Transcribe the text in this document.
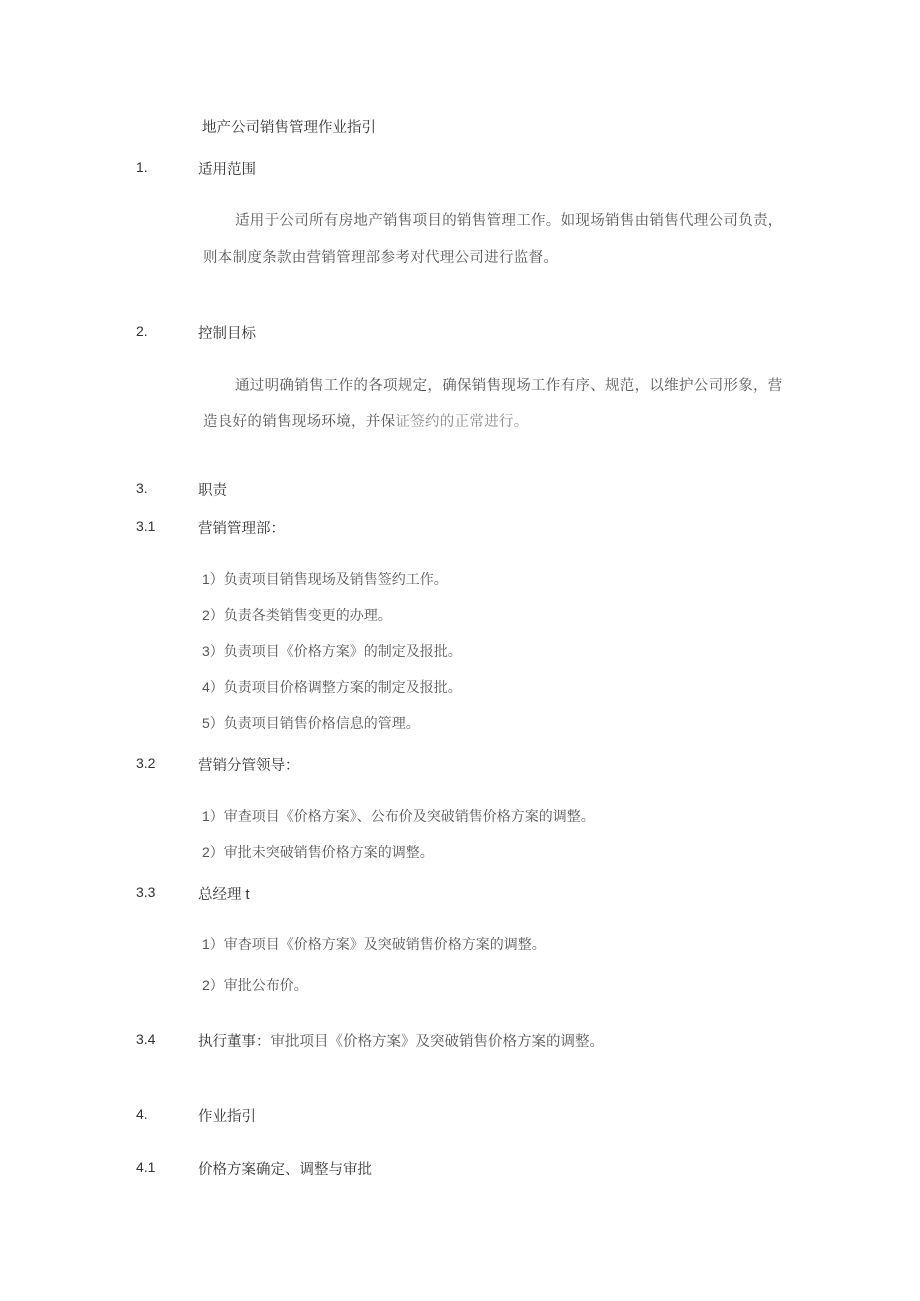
地产公司销售管理作业指引
1.	适用范围
适用于公司所有房地产销售项目的销售管理工作。如现场销售由销售代理公司负责，
则本制度条款由营销管理部参考对代理公司进行监督。
2.	控制目标
通过明确销售工作的各项规定，确保销售现场工作有序、规范，以维护公司形象，营
造良好的销售现场环境，并保证签约的正常进行。
3.	职责
3.1	营销管理部：
1）负责项目销售现场及销售签约工作。
2）负责各类销售变更的办理。
3）负责项目《价格方案》的制定及报批。
4）负责项目价格调整方案的制定及报批。
5）负责项目销售价格信息的管理。
3.2	营销分管领导：
1）审查项目《价格方案》、公布价及突破销售价格方案的调整。
2）审批未突破销售价格方案的调整。
3.3	总经理 t
1）审杳项目《价格方案》及突破销售价格方案的调整。
2）审批公布价。
3.4	执行董事：审批项目《价格方案》及突破销售价格方案的调整。
4.	作业指引
4.1	价格方案确定、调整与审批
